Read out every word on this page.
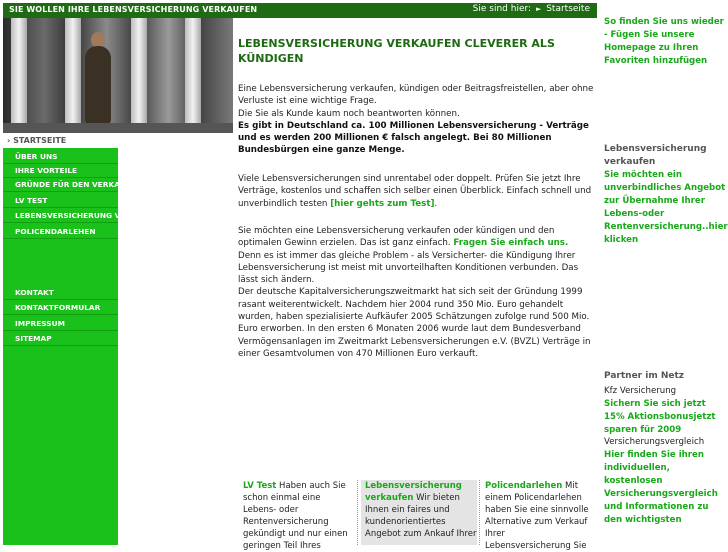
SIE WOLLEN IHRE LEBENSVERSICHERUNG VERKAUFEN	Sie sind hier: ► Startseite
› STARTSEITE
ÜBER UNS
IHRE VORTEILE
GRÜNDE FÜR DEN VERKAUF
LV TEST
LEBENSVERSICHERUNG VERKAUFEN
POLICENDARLEHEN
KONTAKT
KONTAKTFORMULAR
IMPRESSUM
SITEMAP
LEBENSVERSICHERUNG VERKAUFEN CLEVERER ALS KÜNDIGEN
Eine Lebensversicherung verkaufen, kündigen oder Beitragsfreistellen, aber ohne Verluste ist eine wichtige Frage.
Die Sie als Kunde kaum noch beantworten können.
Es gibt in Deutschland ca. 100 Millionen Lebensversicherung - Verträge und es werden 200 Millionen € falsch angelegt. Bei 80 Millionen Bundesbürgen eine ganze Menge.
Viele Lebensversicherungen sind unrentabel oder doppelt. Prüfen Sie jetzt Ihre Verträge, kostenlos und schaffen sich selber einen Überblick. Einfach schnell und unverbindlich testen [hier gehts zum Test].
Sie möchten eine Lebensversicherung verkaufen oder kündigen und den optimalen Gewinn erzielen. Das ist ganz einfach. Fragen Sie einfach uns.
Denn es ist immer das gleiche Problem - als Versicherter- die Kündigung Ihrer Lebensversicherung ist meist mit unvorteilhaften Konditionen verbunden. Das lässt sich ändern.
Der deutsche Kapitalversicherungszweitmarkt hat sich seit der Gründung 1999 rasant weiterentwickelt. Nachdem hier 2004 rund 350 Mio. Euro gehandelt wurden, haben spezialisierte Aufkäufer 2005 Schätzungen zufolge rund 500 Mio. Euro erworben. In den ersten 6 Monaten 2006 wurde laut dem Bundesverband Vermögensanlagen im Zweitmarkt Lebensversicherungen e.V. (BVZL) Verträge in einer Gesamtvolumen von 470 Millionen Euro verkauft.
LV Test Haben auch Sie schon einmal eine Lebens- oder Rentenversicherung gekündigt und nur einen geringen Teil Ihres
Lebensversicherung verkaufen Wir bieten Ihnen ein faires und kundenorientiertes Angebot zum Ankauf Ihrer
Policendarlehen Mit einem Policendarlehen haben Sie eine sinnvolle Alternative zum Verkauf Ihrer Lebensversicherung Sie
So finden Sie uns wieder - Fügen Sie unsere Homepage zu Ihren Favoriten hinzufügen
Lebensversicherung verkaufen
Sie möchten ein unverbindliches Angebot zur Übernahme Ihrer Lebens-oder Rentenversicherung..hier klicken
Partner im Netz
Kfz Versicherung
Sichern Sie sich jetzt 15% Aktionsbonusjetzt sparen für 2009
Versicherungsvergleich
Hier finden Sie ihren individuellen, kostenlosen Versicherungsvergleich und Informationen zu den wichtigsten
